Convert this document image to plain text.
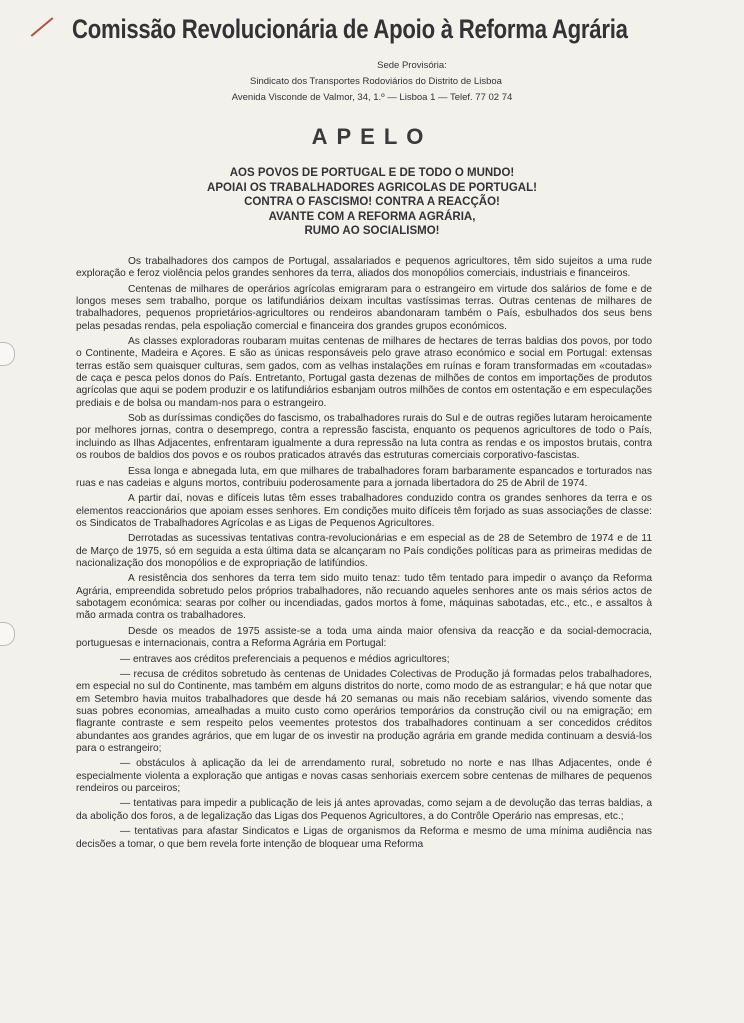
Comissão Revolucionária de Apoio à Reforma Agrária
Sede Provisória:
Sindicato dos Transportes Rodoviários do Distrito de Lisboa
Avenida Visconde de Valmor, 34, 1.º — Lisboa 1 — Telef. 77 02 74
APELO
AOS POVOS DE PORTUGAL E DE TODO O MUNDO!
APOIAI OS TRABALHADORES AGRICOLAS DE PORTUGAL!
CONTRA O FASCISMO! CONTRA A REACÇÃO!
AVANTE COM A REFORMA AGRÁRIA,
RUMO AO SOCIALISMO!

Os trabalhadores dos campos de Portugal, assalariados e pequenos agricultores, têm sido sujeitos a uma rude exploração e feroz violência pelos grandes senhores da terra, aliados dos monopólios comerciais, industriais e financeiros.

Centenas de milhares de operários agrícolas emigraram para o estrangeiro em virtude dos salários de fome e de longos meses sem trabalho, porque os latifundiários deixam incultas vastíssimas terras. Outras centenas de milhares de trabalhadores, pequenos proprietários-agricultores ou rendeiros abandonaram também o País, esbulhados dos seus bens pelas pesadas rendas, pela espoliação comercial e financeira dos grandes grupos económicos.

As classes exploradoras roubaram muitas centenas de milhares de hectares de terras baldias dos povos, por todo o Continente, Madeira e Açores. E são as únicas responsáveis pelo grave atraso económico e social em Portugal: extensas terras estão sem quaisquer culturas, sem gados, com as velhas instalações em ruínas e foram transformadas em «coutadas» de caça e pesca pelos donos do País. Entretanto, Portugal gasta dezenas de milhões de contos em importações de produtos agrícolas que aqui se podem produzir e os latifundiários esbanjam outros milhões de contos em ostentação e em especulações prediais e de bolsa ou mandam-nos para o estrangeiro.

Sob as duríssimas condições do fascismo, os trabalhadores rurais do Sul e de outras regiões lutaram heroicamente por melhores jornas, contra o desemprego, contra a repressão fascista, enquanto os pequenos agricultores de todo o País, incluindo as Ilhas Adjacentes, enfrentaram igualmente a dura repressão na luta contra as rendas e os impostos brutais, contra os roubos de baldios dos povos e os roubos praticados através das estruturas comerciais corporativo-fascistas.

Essa longa e abnegada luta, em que milhares de trabalhadores foram barbaramente espancados e torturados nas ruas e nas cadeias e alguns mortos, contribuiu poderosamente para a jornada libertadora do 25 de Abril de 1974.

A partir daí, novas e difíceis lutas têm esses trabalhadores conduzido contra os grandes senhores da terra e os elementos reaccionários que apoiam esses senhores. Em condições muito difíceis têm forjado as suas associações de classe: os Sindicatos de Trabalhadores Agrícolas e as Ligas de Pequenos Agricultores.

Derrotadas as sucessivas tentativas contra-revolucionárias e em especial as de 28 de Setembro de 1974 e de 11 de Março de 1975, só em seguida a esta última data se alcançaram no País condições políticas para as primeiras medidas de nacionalização dos monopólios e de expropriação de latifúndios.

A resistência dos senhores da terra tem sido muito tenaz: tudo têm tentado para impedir o avanço da Reforma Agrária, empreendida sobretudo pelos próprios trabalhadores, não recuando aqueles senhores ante os mais sérios actos de sabotagem económica: searas por colher ou incendiadas, gados mortos à fome, máquinas sabotadas, etc., etc., e assaltos à mão armada contra os trabalhadores.

Desde os meados de 1975 assiste-se a toda uma ainda maior ofensiva da reacção e da social-democracia, portuguesas e internacionais, contra a Reforma Agrária em Portugal:

— entraves aos créditos preferenciais a pequenos e médios agricultores;

— recusa de créditos sobretudo às centenas de Unidades Colectivas de Produção já formadas pelos trabalhadores, em especial no sul do Continente, mas também em alguns distritos do norte, como modo de as estrangular; e há que notar que em Setembro havia muitos trabalhadores que desde há 20 semanas ou mais não recebiam salários, vivendo somente das suas pobres economias, amealhadas a muito custo como operários temporários da construção civil ou na emigração; em flagrante contraste e sem respeito pelos veementes protestos dos trabalhadores continuam a ser concedidos créditos abundantes aos grandes agrários, que em lugar de os investir na produção agrária em grande medida continuam a desviá-los para o estrangeiro;

— obstáculos à aplicação da lei de arrendamento rural, sobretudo no norte e nas Ilhas Adjacentes, onde é especialmente violenta a exploração que antigas e novas casas senhoriais exercem sobre centenas de milhares de pequenos rendeiros ou parceiros;

— tentativas para impedir a publicação de leis já antes aprovadas, como sejam a de devolução das terras baldias, a da abolição dos foros, a de legalização das Ligas dos Pequenos Agricultores, a do Contrôle Operário nas empresas, etc.;

— tentativas para afastar Sindicatos e Ligas de organismos da Reforma e mesmo de uma mínima audiência nas decisões a tomar, o que bem revela forte intenção de bloquear uma Reforma
